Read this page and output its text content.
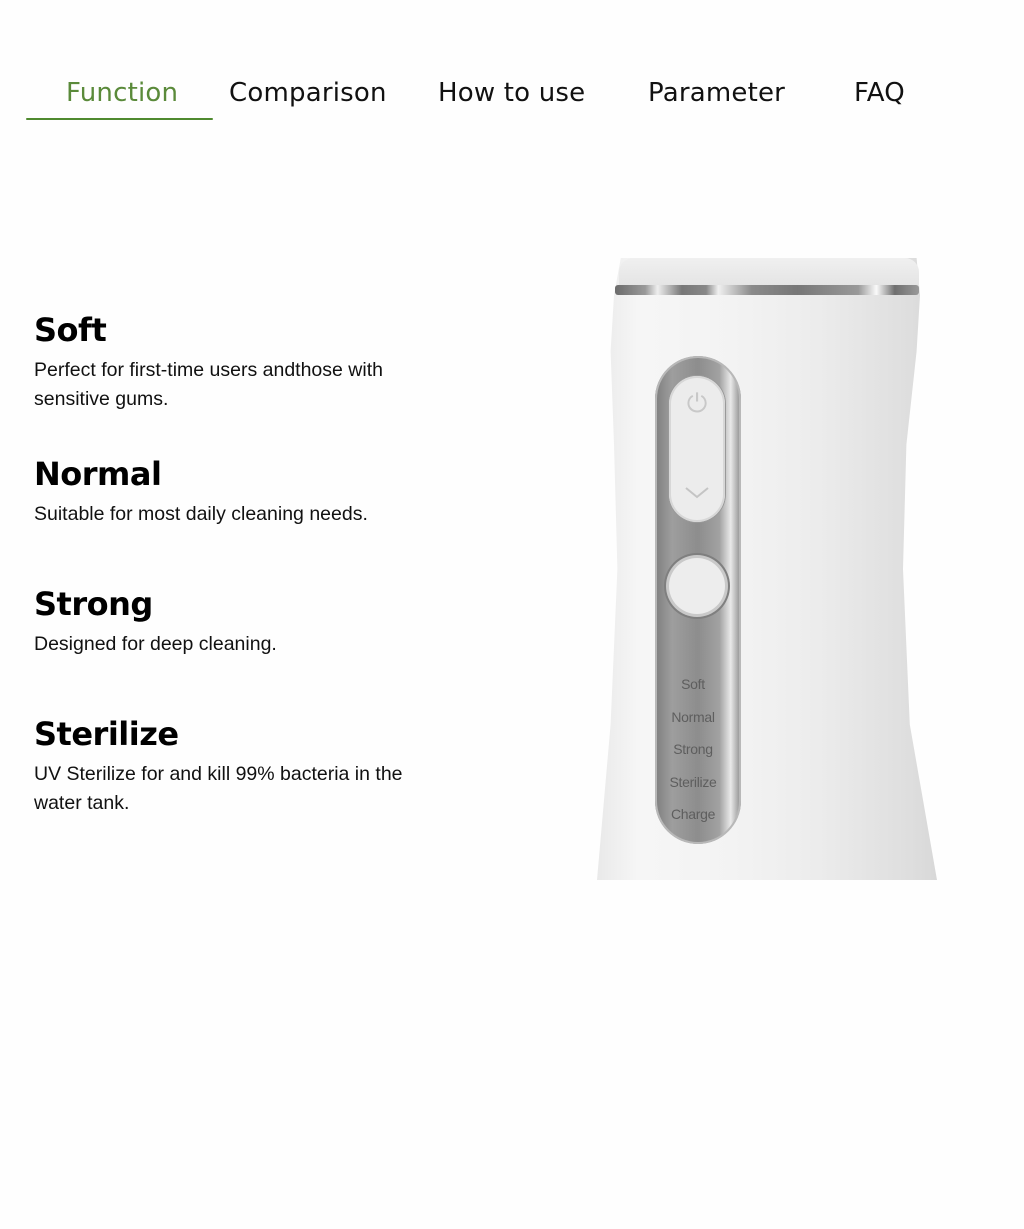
Function Comparison How to use Parameter	FAQ
Soft

Perfect for first-time users andthose with sensitive gums.

Normal

Suitable for most daily cleaning needs.

Strong

Designed for deep cleaning.

Sterilize

UV Sterilize for and kill 99% bacteria in the water tank.

⏻
Soft
Normal
Strong
Sterilize
Charge
